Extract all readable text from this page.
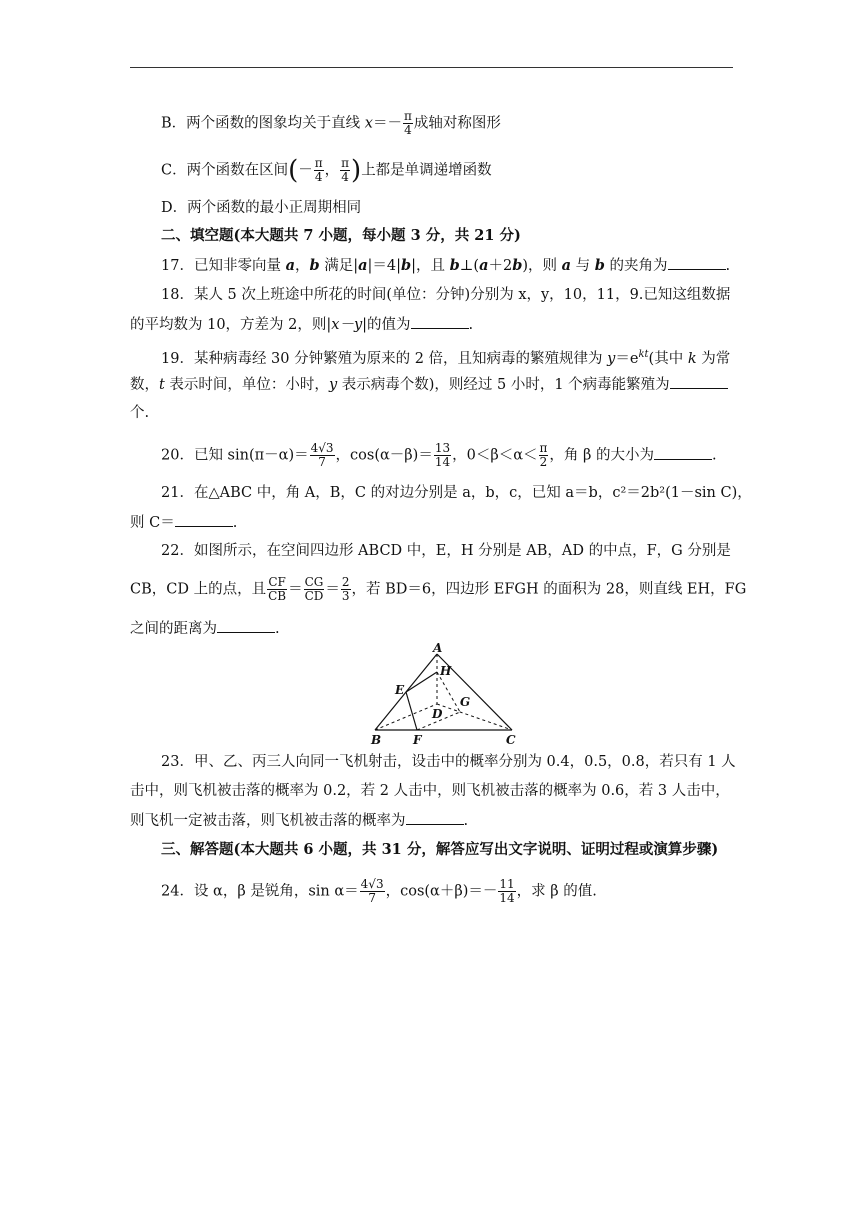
B．两个函数的图象均关于直线 $x=- \frac{\pi}{4}$ 成轴对称图形
C．两个函数在区间(－ $\frac{\pi}{4}$ ， $\frac{\pi}{4}$ )上都是单调递增函数
D．两个函数的最小正周期相同
二、填空题(本大题共 7 小题，每小题 3 分，共 21 分)
17．已知非零向量 a，b 满足|a|＝4|b|，且 b⊥(a＋2b)，则 a 与 b 的夹角为	.
18．某人 5 次上班途中所花的时间(单位：分钟)分别为 x，y，10，11，9.已知这组数据
的平均数为 10，方差为 2，则|x－y|的值为	.
19．某种病毒经 30 分钟繁殖为原来的 2 倍，且知病毒的繁殖规律为 $y=e^{kt}$(其中 k 为常
数，t 表示时间，单位：小时，y 表示病毒个数)，则经过 5 小时，1 个病毒能繁殖为
个.
20．已知 $\sin(\pi-\alpha)= \frac{4√3}{7}$ ，$\cos(\alpha-\beta)= \frac{13}{14}$ ，$0<\beta<\alpha< \frac{\pi}{2}$ ，角 β 的大小为	.
21．在△ABC 中，角 A，B，C 的对边分别是 a，b，c，已知 a＝b，c²＝2b²(1－sin C)，
则 C＝	.
22．如图所示，在空间四边形 ABCD 中，E，H 分别是 AB，AD 的中点，F，G 分别是
CB，CD 上的点，且 $\frac{CF}{CB} = \frac{CG}{CD} = \frac{2}{3}$ ，若 BD＝6，四边形 EFGH 的面积为 28，则直线 EH，FG
之间的距离为	.
A
H
E
D
G
B	F	C
23．甲、乙、丙三人向同一飞机射击，设击中的概率分别为 0.4，0.5，0.8，若只有 1 人
击中，则飞机被击落的概率为 0.2，若 2 人击中，则飞机被击落的概率为 0.6，若 3 人击中，
则飞机一定被击落，则飞机被击落的概率为	.
三、解答题(本大题共 6 小题，共 31 分，解答应写出文字说明、证明过程或演算步骤)
24．设 α，β 是锐角，$\sin \alpha= \frac{4√3}{7}$ ，$\cos(\alpha+\beta)=- \frac{11}{14}$ ，求 β 的值.
